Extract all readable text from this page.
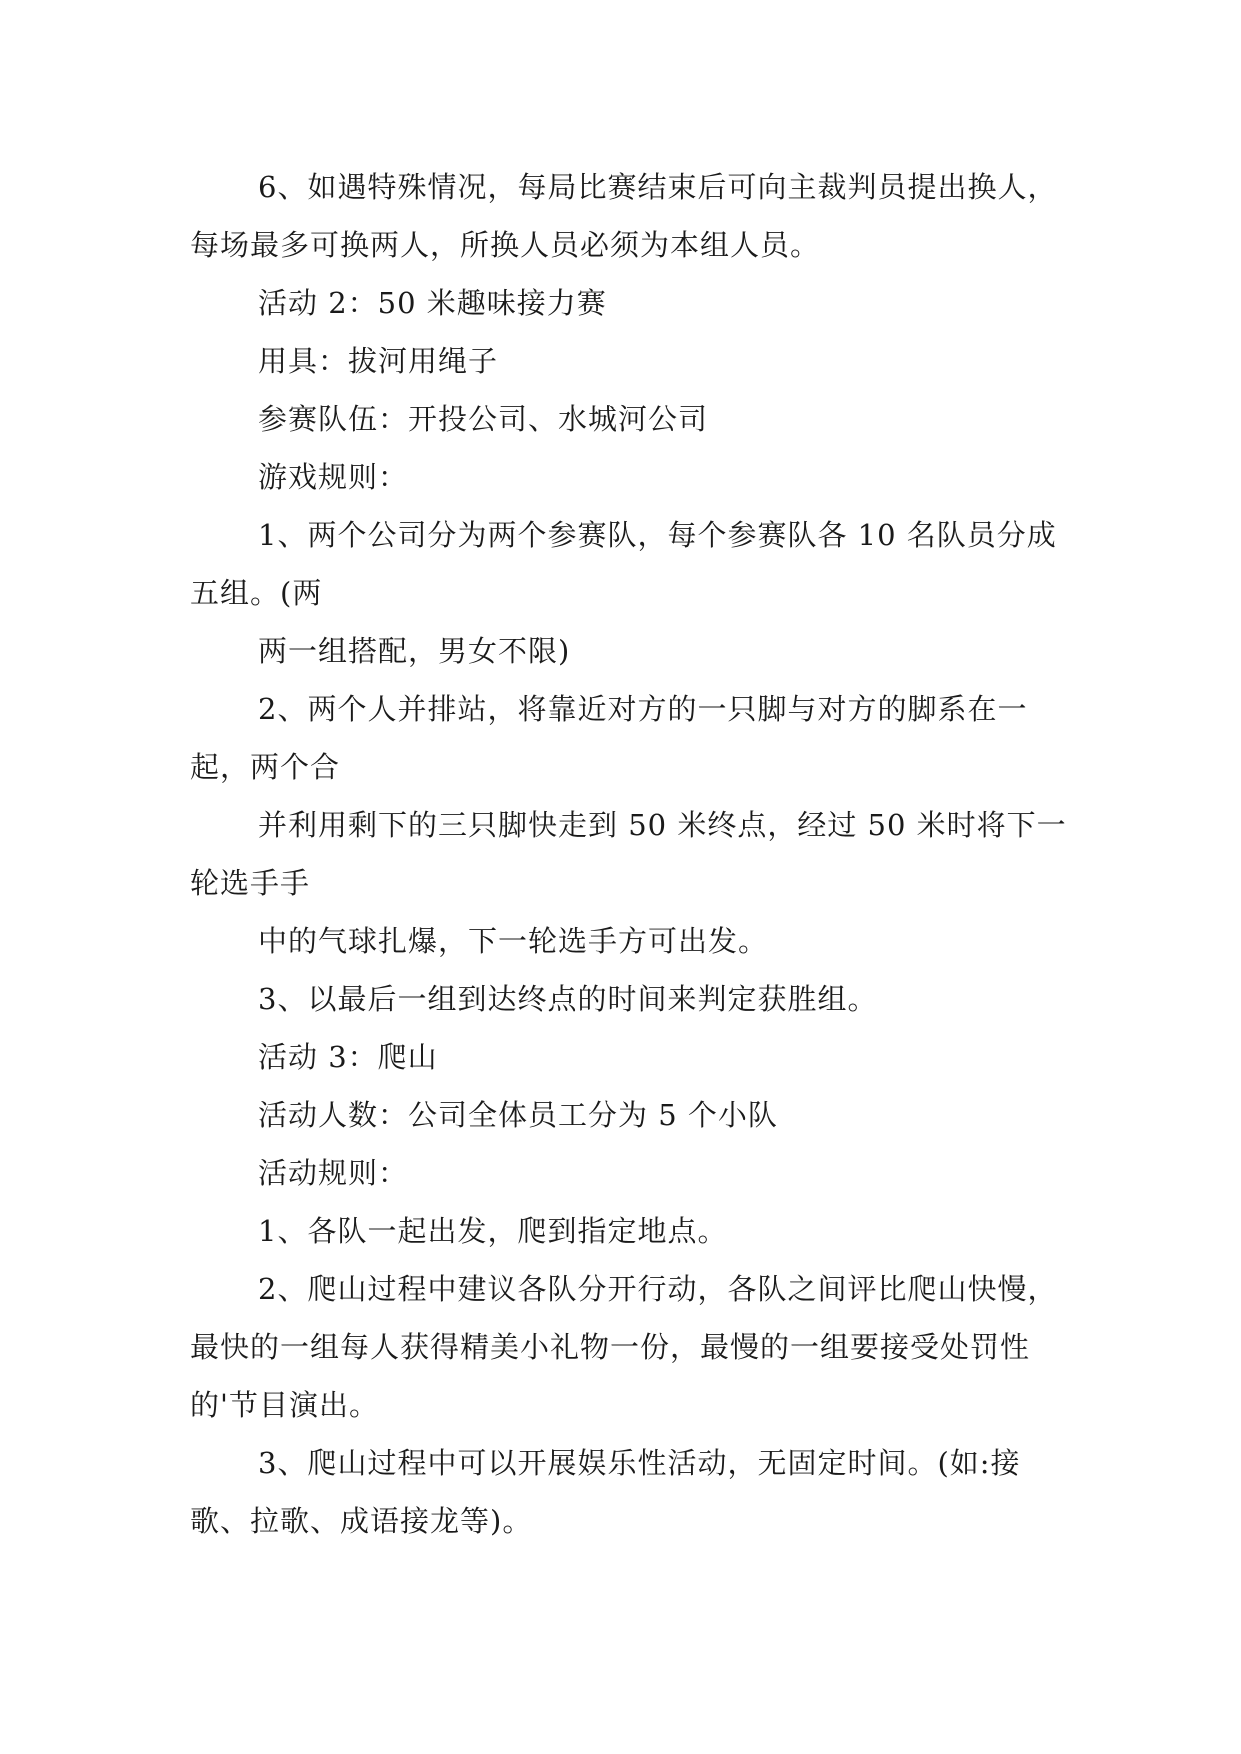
6、如遇特殊情况，每局比赛结束后可向主裁判员提出换人，每场最多可换两人，所换人员必须为本组人员。

活动 2：50 米趣味接力赛

用具：拔河用绳子

参赛队伍：开投公司、水城河公司

游戏规则：

1、两个公司分为两个参赛队，每个参赛队各 10 名队员分成五组。(两

两一组搭配，男女不限)

2、两个人并排站，将靠近对方的一只脚与对方的脚系在一起，两个合

并利用剩下的三只脚快走到 50 米终点，经过 50 米时将下一轮选手手

中的气球扎爆，下一轮选手方可出发。

3、以最后一组到达终点的时间来判定获胜组。

活动 3：爬山

活动人数：公司全体员工分为 5 个小队

活动规则：

1、各队一起出发，爬到指定地点。

2、爬山过程中建议各队分开行动，各队之间评比爬山快慢，最快的一组每人获得精美小礼物一份，最慢的一组要接受处罚性的'节目演出。

3、爬山过程中可以开展娱乐性活动，无固定时间。(如:接歌、拉歌、成语接龙等)。
